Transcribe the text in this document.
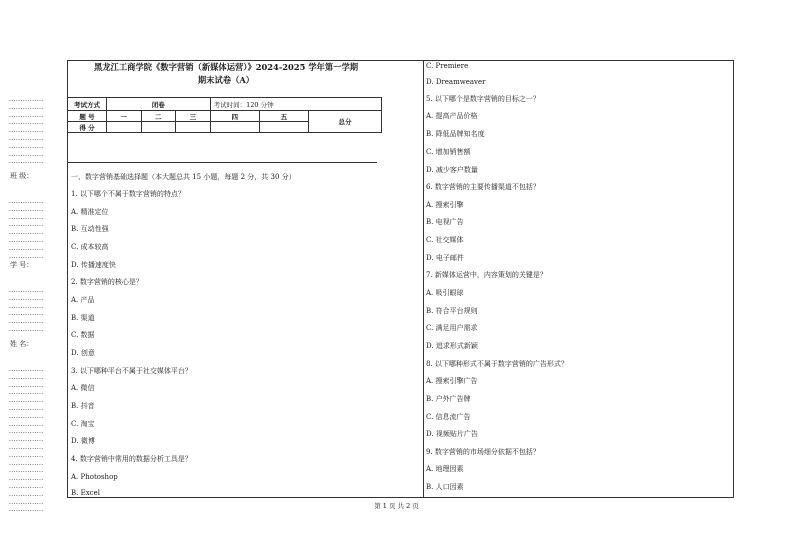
...............
...............
...............
...............
...............
...............
...............
...............
...............
班 级：
...............
...............
...............
...............
...............
...............
...............
...............
学 号：
...............
...............
...............
...............
...............
...............
姓 名：
...............
...............
...............
...............
...............
...............
...............
...............
...............
...............
...............
...............
...............
...............
...............
...............
...............
...............
...............
黑龙江工商学院《数字营销（新媒体运营）》2024-2025 学年第一学期
期末试卷（A）
考试方式	闭卷			考试时间：120 分钟		
题 号	一	二	三	四	五	总分
得 分						
一、数字营销基础选择题（本大题总共 15 小题，每题 2 分，共 30 分）
1. 以下哪个不属于数字营销的特点？
A. 精准定位
B. 互动性强
C. 成本较高
D. 传播速度快
2. 数字营销的核心是？
A. 产品
B. 渠道
C. 数据
D. 创意
3. 以下哪种平台不属于社交媒体平台？
A. 微信
B. 抖音
C. 淘宝
D. 微博
4. 数字营销中常用的数据分析工具是？
A. Photoshop
B. Excel
C. Premiere
D. Dreamweaver
5. 以下哪个是数字营销的目标之一？
A. 提高产品价格
B. 降低品牌知名度
C. 增加销售额
D. 减少客户数量
6. 数字营销的主要传播渠道不包括？
A. 搜索引擎
B. 电视广告
C. 社交媒体
D. 电子邮件
7. 新媒体运营中，内容策划的关键是？
A. 吸引眼球
B. 符合平台规则
C. 满足用户需求
D. 追求形式新颖
8. 以下哪种形式不属于数字营销的广告形式？
A. 搜索引擎广告
B. 户外广告牌
C. 信息流广告
D. 视频贴片广告
9. 数字营销的市场细分依据不包括？
A. 地理因素
B. 人口因素
第 1 页 共 2 页
